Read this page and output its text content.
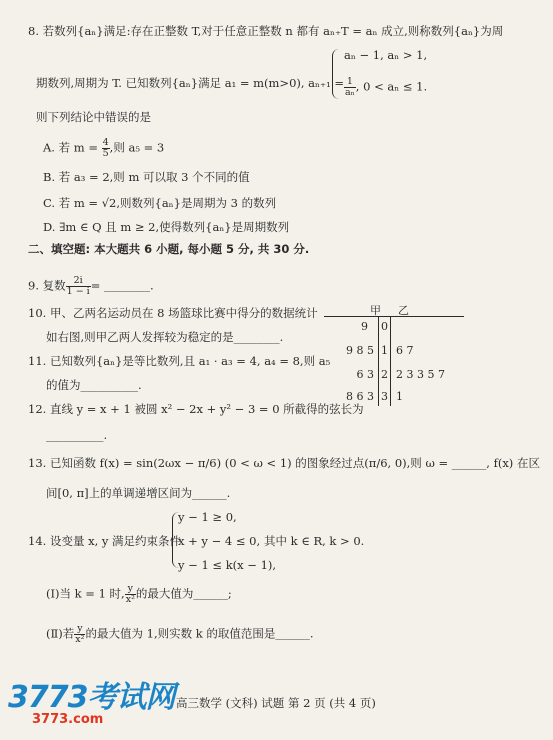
8. 若数列{aₙ}满足:存在正整数 T,对于任意正整数 n 都有 aₙ₊T = aₙ 成立,则称数列{aₙ}为周
期数列,周期为 T. 已知数列{aₙ}满足 a₁ = m(m>0), aₙ₊₁ =
aₙ − 1, aₙ > 1,
$\frac{1}{\text{aₙ}}$ , 0 < aₙ ≤ 1.
则下列结论中错误的是
A. 若 $m = \frac{4}{5}$ ,则 a₅ = 3
B. 若 a₃ = 2,则 m 可以取 3 个不同的值
C. 若 m = √2,则数列{aₙ}是周期为 3 的数列
D. ∃m ∈ Q 且 m ≥ 2,使得数列{aₙ}是周期数列
二、填空题: 本大题共 6 小题, 每小题 5 分, 共 30 分.
9. 复数 $\frac{2i}{1 - i}$ = ________.
10. 甲、乙两名运动员在 8 场篮球比赛中得分的数据统计
如右图,则甲乙两人发挥较为稳定的是________.
甲 乙
9 0
9 8 5 1 6 7
6 3 2 2 3 3 5 7
8 6 3 3 1
11. 已知数列{aₙ}是等比数列,且 a₁ · a₃ = 4, a₄ = 8,则 a₅
的值为__________.
12. 直线 y = x + 1 被圆 x² − 2x + y² − 3 = 0 所截得的弦长为
__________.
13. 已知函数 f(x) = sin(2ωx − π/6) (0 < ω < 1) 的图象经过点(π/6, 0),则 ω = ______, f(x) 在区
间[0, π]上的单调递增区间为______.
14. 设变量 x, y 满足约束条件
y − 1 ≥ 0,
x + y − 4 ≤ 0,
y − 1 ≤ k(x − 1),
其中 k ∈ R, k > 0.
(Ⅰ)当 k = 1 时, $\frac{y}{\text{x²}}$ 的最大值为______;
(Ⅱ)若 $\frac{y}{\text{x²}}$ 的最大值为 1,则实数 k 的取值范围是______.
高三数学 (文科) 试题 第 2 页 (共 4 页)
3773考试网
3773.com
